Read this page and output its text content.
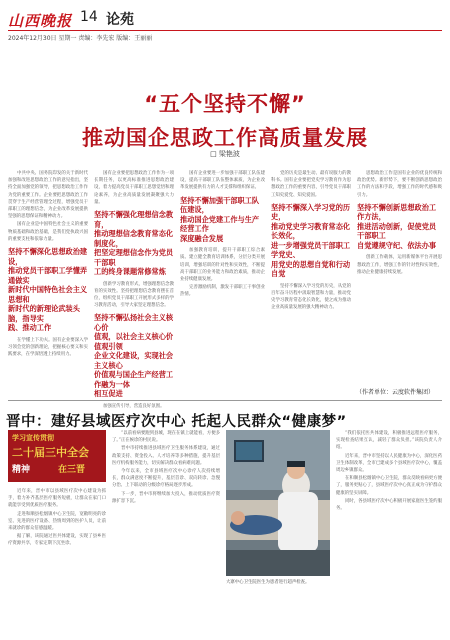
山西晚报 14 论苑
2024年12月30日 星期一 责编：李先宏 版编：王丽丽
“五个坚持不懈”
推动国企思政工作高质量发展
□ 梁艳波

中共中央、国务院印发的关于新时代加强和改进思想政治工作的意见指出，坚持全面加强党的领导，把思想政治工作作为党的重要工作。企业要把思想政治工作贯穿于生产经营管理全过程，增强党员干部职工的理想信念，为企业改革发展提供坚强的思想保证和精神动力。

国有企业是中国特色社会主义的重要物质基础和政治基础，是我们党执政兴国的重要支柱和依靠力量。

坚持不懈深化思想政治建设，
推动党员干部职工学懂弄通做实
新时代中国特色社会主义思想和
新时代的新理论武装头脑，指导实
践、推动工作

在学懂上下功夫。国有企业要深入学习领会党的创新理论，把握核心要义和实践要求，在学深悟透上持续用力。

国有企业要把思想政治工作作为一项长期任务，以更高标准推进思想政治建设，着力提高党员干部职工思想觉悟和理论素养，为企业高质量发展凝聚强大力量。

坚持不懈强化理想信念教育，
推动理想信念教育常态化制度化，
把坚定理想信念作为党员干部职
工的终身课题常修常炼

创新学习教育形式，增强理想信念教育的实效性。坚持把理想信念教育摆在首位，组织党员干部职工开展形式多样的学习教育活动，引导大家坚定理想信念。

坚持不懈弘扬社会主义核心价
值观，以社会主义核心价值观引领
企业文化建设，实现社会主义核心
价值观与国企生产经营工作融为一体
相互促进

加强宣传引导，营造良好氛围。

国有企业要进一步加强干部职工队伍建设，提高干部职工队伍整体素质，为企业改革发展提供有力的人才支撑和组织保证。

坚持不懈加强干部职工队伍建设，
推动国企党建工作与生产经营工作
深度融合发展

加强教育培训，提升干部职工综合素质。建立健全教育培训体系，分层分类开展培训，增强培训的针对性和实效性，不断提高干部职工的业务能力和政治素质，推动企业持续健康发展。

完善激励机制，激发干部职工干事创业热情。

党的历史是最生动、最有说服力的教科书。国有企业要把党史学习教育作为思想政治工作的重要内容，引导党员干部职工知史爱党、知史爱国。

坚持不懈深入学习党的历史，
推动党史学习教育常态化长效化，
进一步增强党员干部职工学党史、
用党史的思想自觉和行动自觉

坚持不懈深入学习党的历史，从党的百年奋斗历程中汲取智慧和力量，推动党史学习教育常态化长效化，使之成为推动企业高质量发展的强大精神动力。

思想政治工作是国有企业的优良传统和政治优势。新形势下，要不断创新思想政治工作的方法和手段，增强工作的时代感和吸引力。

坚持不懈创新思想政治工作方法，
推进活动创新，促使党员干部职工
自觉遵规守纪、依法办事

创新工作载体，运用新媒体平台开展思想政治工作，增强工作的针对性和实效性，推动企业健康持续发展。

（作者单位：云度软件集团）
晋中：建好县域医疗次中心 托起人民群众“健康梦”
学习宣传贯彻
二十届三中全会
精神	在三晋

近年来，晋中市以县域医疗次中心建设为抓手，着力补齐基层医疗服务短板，让群众在家门口就能享受到优质医疗服务。

走进和顺县松烟镇中心卫生院，宽敞明亮的诊室、先进的医疗设备、热情周到的医护人员，让前来就诊的群众倍感温暖。

据了解，该院通过医共体建设，实现了县乡医疗资源共享，专家定期下沉坐诊。

“以前看病要跑到县城，现在在镇上就能看，方便多了。”正在候诊的村民说。

晋中市持续推进县域医疗卫生服务体系建设，通过政策支持、资金投入、人才培养等多种措施，提升基层医疗机构服务能力，切实解决群众看病难问题。

今年以来，全市县域医疗次中心诊疗人次持续增长，群众满意度不断提升，基层首诊、双向转诊、急慢分治、上下联动的分级诊疗格局逐步形成。

下一步，晋中市将继续加大投入，推动优质医疗资源扩容下沉。

大寨中心卫生院医生为患者进行超声检查。

“我们依托医共体建设，积极推进远程医疗服务，实现检查结果互认，减轻了群众负担。”该院负责人介绍。

近年来，晋中市坚持以人民健康为中心，深化医药卫生体制改革，全市已建成多个县域医疗次中心，覆盖周边乡镇群众。

在和顺县松烟镇中心卫生院，群众反映看病更方便了，服务更贴心了，县域医疗次中心真正成为守护群众健康的坚实屏障。

同时，各县域医疗次中心积极开展家庭医生签约服务。
